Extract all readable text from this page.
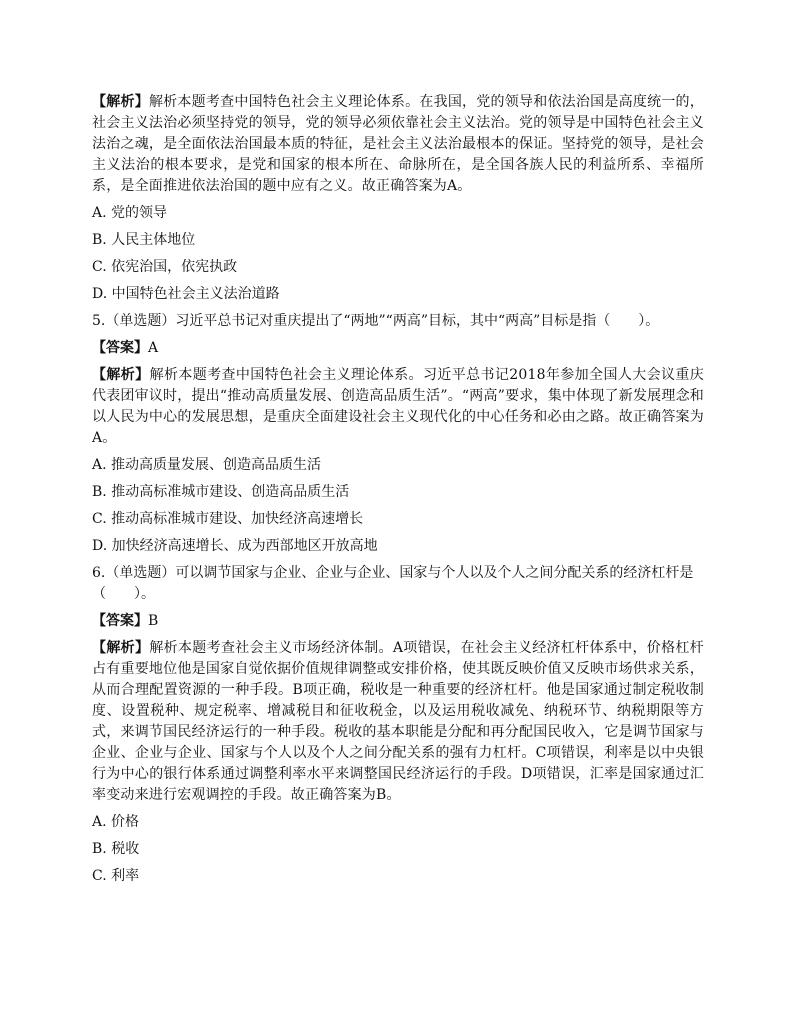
【解析】解析本题考查中国特色社会主义理论体系。在我国，党的领导和依法治国是高度统一的，社会主义法治必须坚持党的领导，党的领导必须依靠社会主义法治。党的领导是中国特色社会主义法治之魂，是全面依法治国最本质的特征，是社会主义法治最根本的保证。坚持党的领导，是社会主义法治的根本要求，是党和国家的根本所在、命脉所在，是全国各族人民的利益所系、幸福所系，是全面推进依法治国的题中应有之义。故正确答案为A。

A. 党的领导

B. 人民主体地位

C. 依宪治国，依宪执政

D. 中国特色社会主义法治道路

5.（单选题）习近平总书记对重庆提出了“两地”“两高”目标，其中“两高”目标是指（　　）。

【答案】A

【解析】解析本题考查中国特色社会主义理论体系。习近平总书记2018年参加全国人大会议重庆代表团审议时，提出“推动高质量发展、创造高品质生活”。“两高”要求，集中体现了新发展理念和以人民为中心的发展思想，是重庆全面建设社会主义现代化的中心任务和必由之路。故正确答案为A。

A. 推动高质量发展、创造高品质生活

B. 推动高标准城市建设、创造高品质生活

C. 推动高标准城市建设、加快经济高速增长

D. 加快经济高速增长、成为西部地区开放高地

6.（单选题）可以调节国家与企业、企业与企业、国家与个人以及个人之间分配关系的经济杠杆是（　　）。

【答案】B

【解析】解析本题考查社会主义市场经济体制。A项错误，在社会主义经济杠杆体系中，价格杠杆占有重要地位他是国家自觉依据价值规律调整或安排价格，使其既反映价值又反映市场供求关系，从而合理配置资源的一种手段。B项正确，税收是一种重要的经济杠杆。他是国家通过制定税收制度、设置税种、规定税率、增减税目和征收税金，以及运用税收减免、纳税环节、纳税期限等方式，来调节国民经济运行的一种手段。税收的基本职能是分配和再分配国民收入，它是调节国家与企业、企业与企业、国家与个人以及个人之间分配关系的强有力杠杆。C项错误，利率是以中央银行为中心的银行体系通过调整利率水平来调整国民经济运行的手段。D项错误，汇率是国家通过汇率变动来进行宏观调控的手段。故正确答案为B。

A. 价格

B. 税收

C. 利率
